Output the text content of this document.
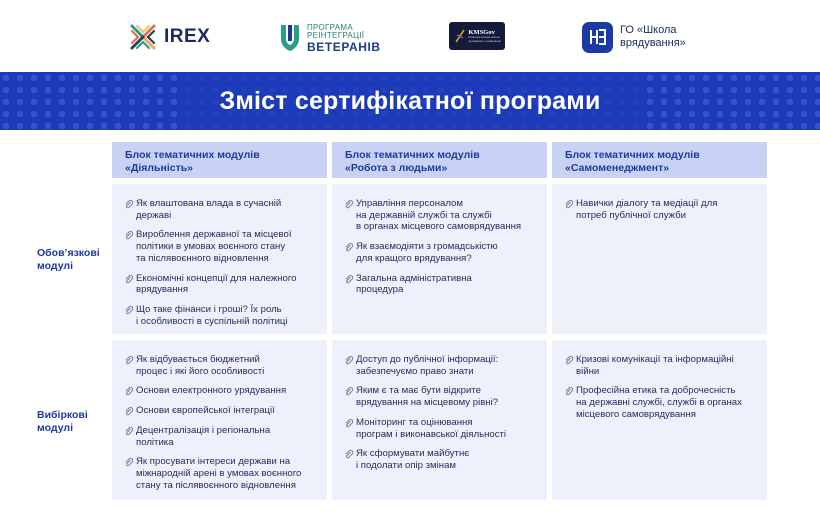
IREX	ПРОГРАМА
РЕІНТЕГРАЦІЇ
ВЕТЕРАНІВ
KMSGov
Київська міська школа державного управління
ГО «Школа
врядування»
Зміст сертифікатної програми
Блок тематичних модулів
«Діяльність»
Блок тематичних модулів
«Робота з людьми»
Блок тематичних модулів
«Самоменеджмент»
Обов’язкові
модулі
Вибіркові
модулі
Як влаштована влада в сучасній
державі
Вироблення державної та місцевої
політики в умовах воєнного стану
та післявоєнного відновлення
Економічні концепції для належного
врядування
Що таке фінанси і гроші? Їх роль
і особливості в суспільній політиці
Управління персоналом
на державній службі та службі
в органах місцевого самоврядування
Як взаємодіяти з громадськістю
для кращого врядування?
Загальна адміністративна
процедура
Навички діалогу та медіації для
потреб публічної служби
Як відбувається бюджетний
процес і які його особливості
Основи електронного урядування
Основи європейської інтеграції
Децентралізація і регіональна
політика
Як просувати інтереси держави на
міжнародній арені в умовах воєнного
стану та післявоєнного відновлення
Доступ до публічної інформації:
забезпечуємо право знати
Яким є та має бути відкрите
врядування на місцевому рівні?
Моніторинг та оцінювання
програм і виконавської діяльності
Як сформувати майбутнє
і подолати опір змінам
Кризові комунікації та інформаційні
війни
Професійна етика та доброчесність
на державні службі, службі в органах
місцевого самоврядування
